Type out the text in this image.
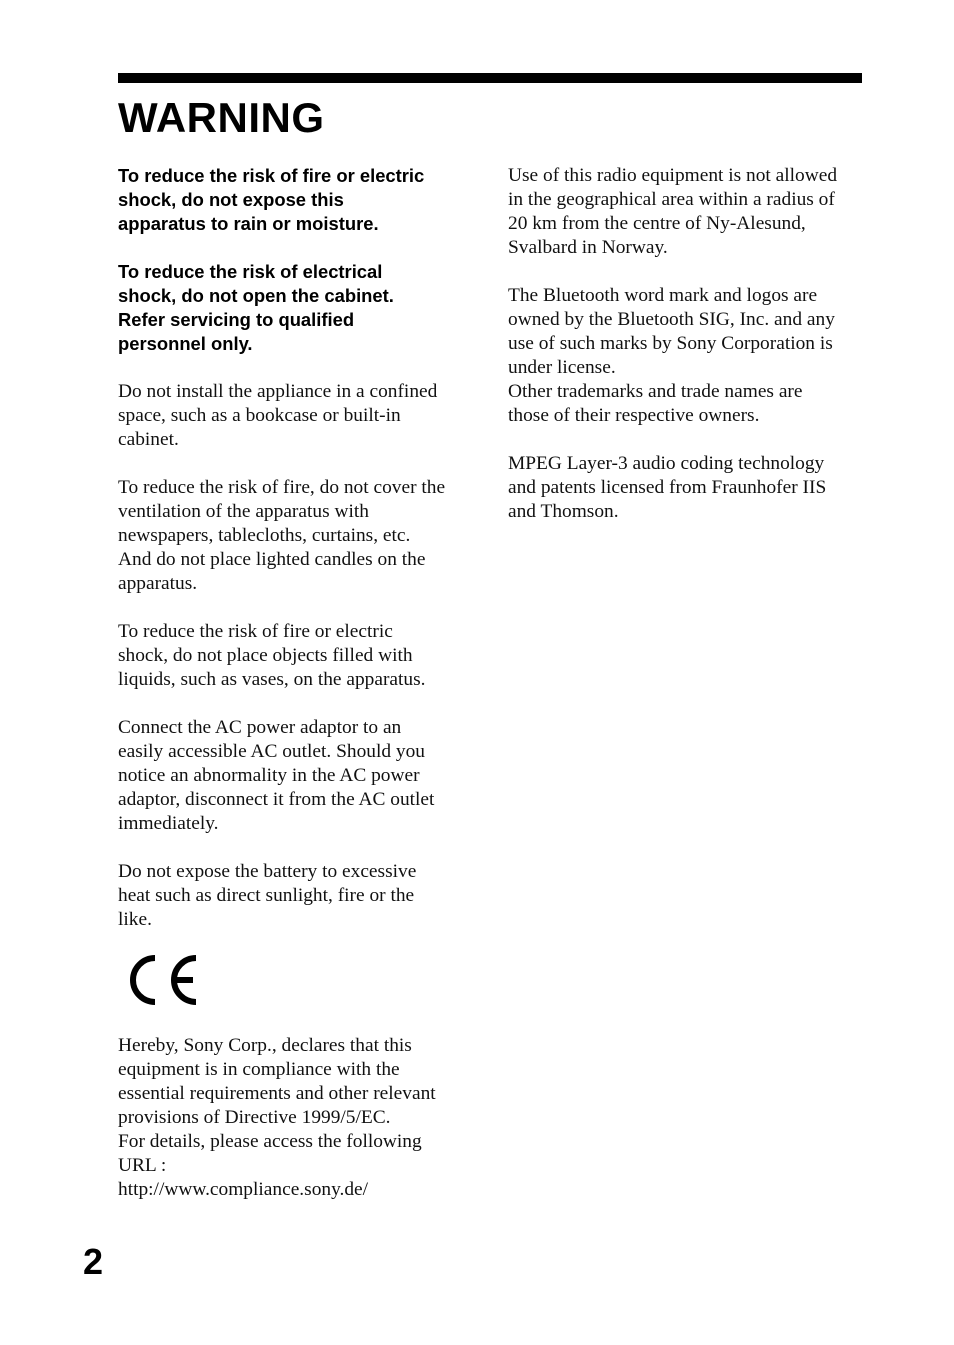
WARNING

To reduce the risk of fire or electric
shock, do not expose this
apparatus to rain or moisture.

To reduce the risk of electrical
shock, do not open the cabinet.
Refer servicing to qualified
personnel only.

Do not install the appliance in a confined
space, such as a bookcase or built-in
cabinet.

To reduce the risk of fire, do not cover the
ventilation of the apparatus with
newspapers, tablecloths, curtains, etc.
And do not place lighted candles on the
apparatus.

To reduce the risk of fire or electric
shock, do not place objects filled with
liquids, such as vases, on the apparatus.

Connect the AC power adaptor to an
easily accessible AC outlet. Should you
notice an abnormality in the AC power
adaptor, disconnect it from the AC outlet
immediately.

Do not expose the battery to excessive
heat such as direct sunlight, fire or the
like.

Hereby, Sony Corp., declares that this
equipment is in compliance with the
essential requirements and other relevant
provisions of Directive 1999/5/EC.
For details, please access the following
URL :
http://www.compliance.sony.de/

Use of this radio equipment is not allowed
in the geographical area within a radius of
20 km from the centre of Ny-Alesund,
Svalbard in Norway.

The Bluetooth word mark and logos are
owned by the Bluetooth SIG, Inc. and any
use of such marks by Sony Corporation is
under license.
Other trademarks and trade names are
those of their respective owners.

MPEG Layer-3 audio coding technology
and patents licensed from Fraunhofer IIS
and Thomson.

2
